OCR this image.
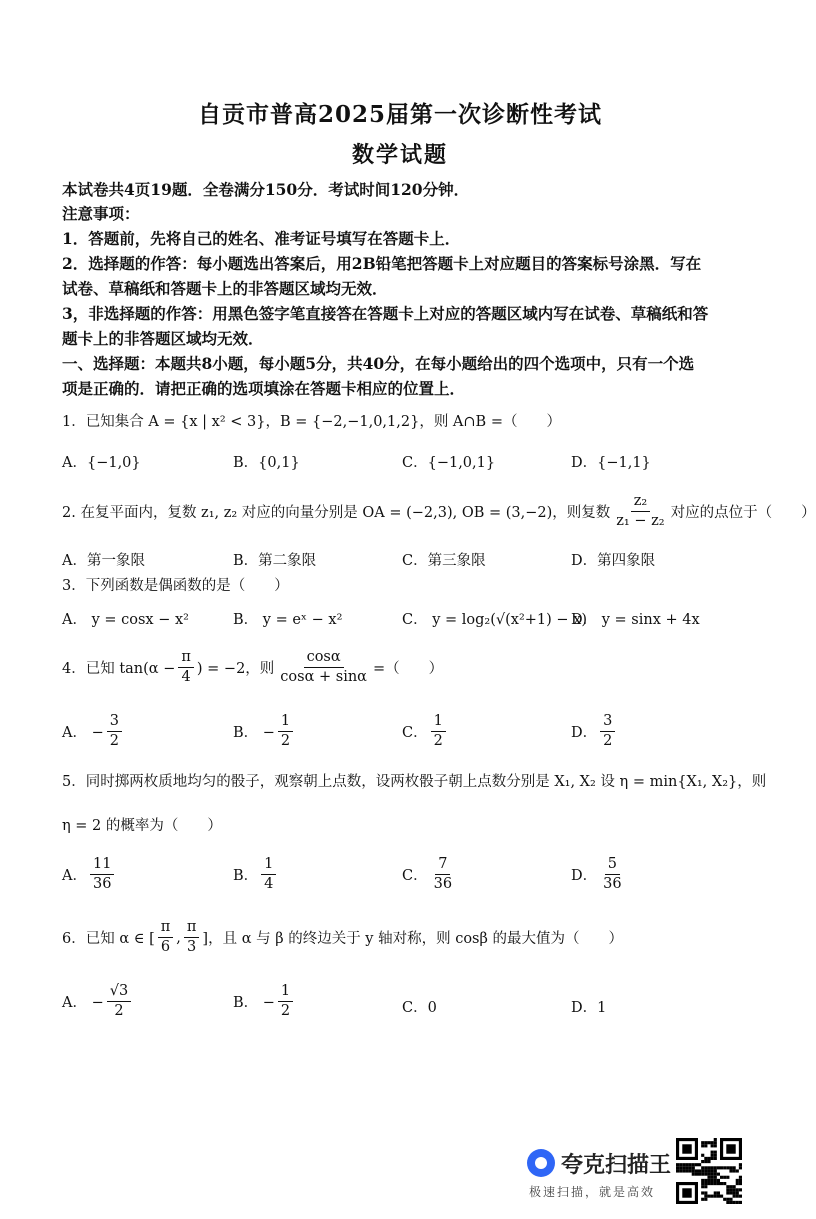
自贡市普高2025届第一次诊断性考试
数学试题
本试卷共4页19题．全卷满分150分．考试时间120分钟．
注意事项：
1．答题前，先将自己的姓名、准考证号填写在答题卡上．
2．选择题的作答：每小题选出答案后，用2B铅笔把答题卡上对应题目的答案标号涂黑．写在
试卷、草稿纸和答题卡上的非答题区域均无效．
3，非选择题的作答：用黑色签字笔直接答在答题卡上对应的答题区域内写在试卷、草稿纸和答
题卡上的非答题区域均无效．
一、选择题：本题共8小题，每小题5分，共40分，在每小题给出的四个选项中，只有一个选
项是正确的．请把正确的选项填涂在答题卡相应的位置上．
1．已知集合 A = {x | x² < 3}，B = {−2,−1,0,1,2}，则 A∩B =（　　）
A．{−1,0}	B．{0,1}	C．{−1,0,1}	D．{−1,1}
2. 在复平面内，复数 z₁, z₂ 对应的向量分别是 OA = (−2,3), OB = (3,−2)，则复数 $\frac{\text{z₂}}{\text{z₁ − z₂}}$ 对应的点位于（　　）
A．第一象限	B．第二象限	C．第三象限	D．第四象限
3．下列函数是偶函数的是（　　）
A． y = cosx − x²	B． y = eˣ − x²	C． y = log₂(√(x²+1) − x)
D． y = sinx + 4x
4．已知 $\tan(\alpha - \frac{\pi}{4}$ ) = −2，则 $\frac{\cos\alpha}{\cos\alpha + \sin\alpha}$ =（　　）
A． − $\frac{3}{2}$	B． − $\frac{1}{2}$	C． $\frac{1}{2}$	D． $\frac{3}{2}$
5．同时掷两枚质地均匀的骰子，观察朝上点数，设两枚骰子朝上点数分别是 X₁, X₂ 设 η = min{X₁, X₂}，则
η = 2 的概率为（　　）
A． $\frac{11}{36}$	B． $\frac{1}{4}$	C． $\frac{7}{36}$	D． $\frac{5}{36}$
6．已知 α ∈ [ $\frac{\pi}{6}$ , $\frac{\pi}{3}$ ]，且 α 与 β 的终边关于 y 轴对称，则 cosβ 的最大值为（　　）
A． − $\frac{√3}{2}$	B． − $\frac{1}{2}$	C．0	D．1
夸克扫描王
极速扫描，就是高效
